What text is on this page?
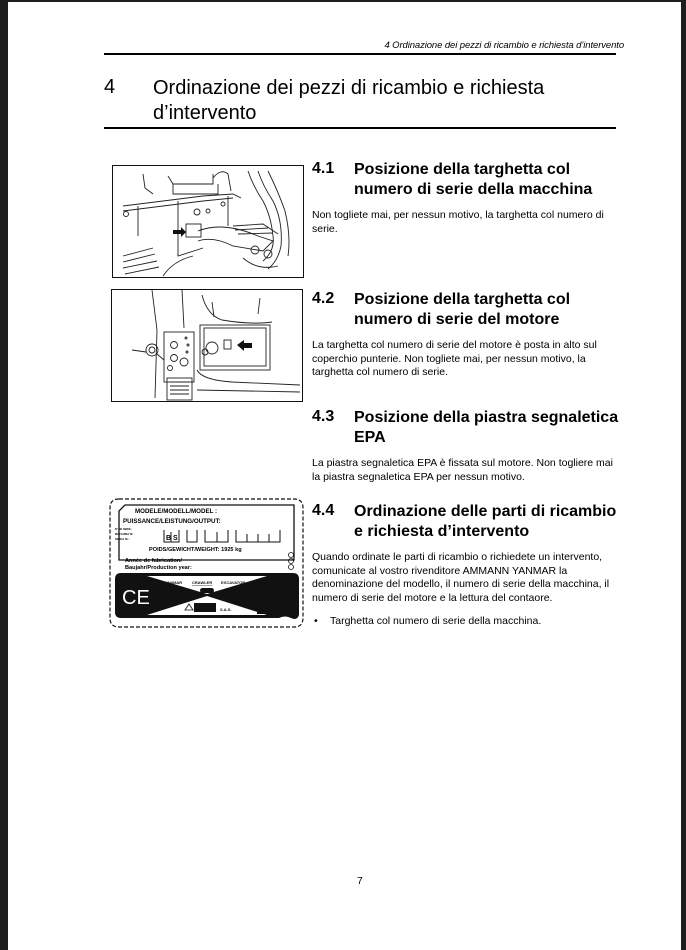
4 Ordinazione dei pezzi di ricambio e richiesta d’intervento
4 Ordinazione dei pezzi di ricambio e richiesta d’intervento
4.1 Posizione della targhetta col numero di serie della macchina
Non togliete mai, per nessun motivo, la targhetta col numero di serie.
4.2 Posizione della targhetta col numero di serie del motore
La targhetta col numero di serie del motore è posta in alto sul coperchio punterie. Non togliete mai, per nessun motivo, la targhetta col numero di serie.
4.3 Posizione della piastra segnaletica EPA
La piastra segnaletica EPA è fissata sul motore. Non togliere mai la piastra segnaletica EPA per nessun motivo.
MODELE/MODELL/MODEL :
PUISSANCE/LEISTUNG/OUTPUT:
N° DE SERIE:
MACCHINA Nr:
SERIAL Nr.:	B S
POIDS/GEWICHT/WEIGHT: 1925 kg
Année de fabrication/
Baujahr/Production year:
YANMAR CRAWLER EXCAVATOR
CE
S.A.S.
4.4 Ordinazione delle parti di ricambio e richiesta d’intervento
Quando ordinate le parti di ricambio o richiedete un intervento, comunicate al vostro rivenditore AMMANN YANMAR la denominazione del modello, il numero di serie della macchina, il numero di serie del motore e la lettura del contaore.
•	Targhetta col numero di serie della macchina.
7
